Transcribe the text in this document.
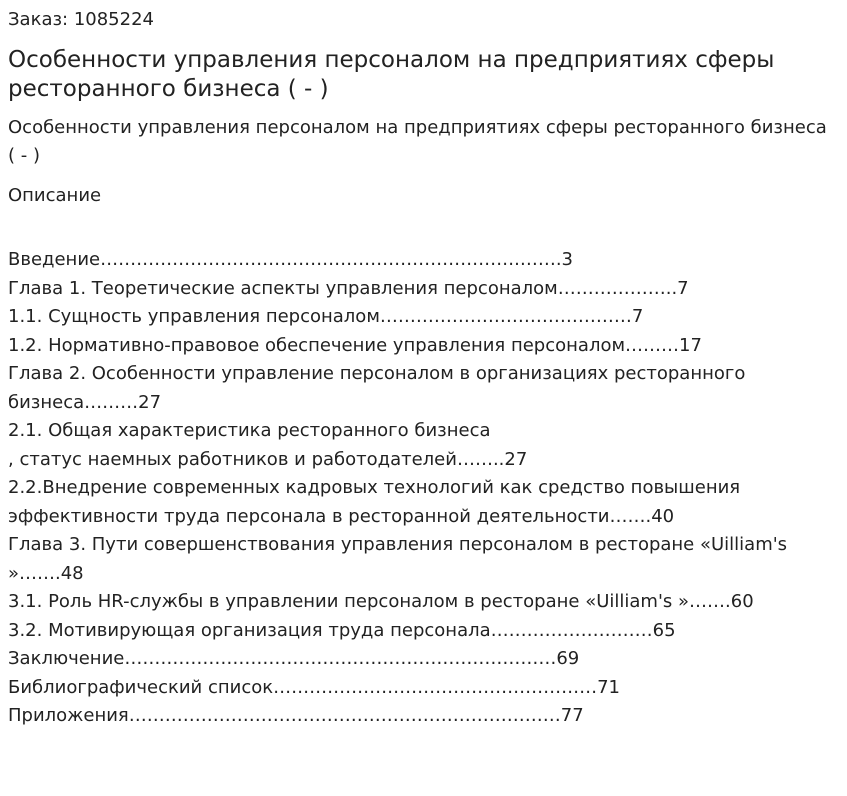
Заказ: 1085224
Особенности управления персоналом на предприятиях сферы ресторанного бизнеса ( - )
Особенности управления персоналом на предприятиях сферы ресторанного бизнеса ( - )
Описание
Введение…………………………………………………………….…….3
Глава 1. Теоретические аспекты управления персоналом………………..7
1.1. Сущность управления персоналом……………………………………7
1.2. Нормативно-правовое обеспечение управления персоналом………17
Глава 2. Особенности управление персоналом в организациях ресторанного бизнеса………27
2.1. Общая характеристика ресторанного бизнеса
, статус наемных работников и работодателей……..27
2.2.Внедрение современных кадровых технологий как средство повышения эффективности труда персонала в ресторанной деятельности…….40
Глава 3. Пути совершенствования управления персоналом в ресторане «Uilliam's »…….48
3.1. Роль HR-службы в управлении персоналом в ресторане «Uilliam's »…….60
3.2. Мотивирующая организация труда персонала………………………65
Заключение………………………………………………………………69
Библиографический список………………………………………………71
Приложения………………………………………………………………77
